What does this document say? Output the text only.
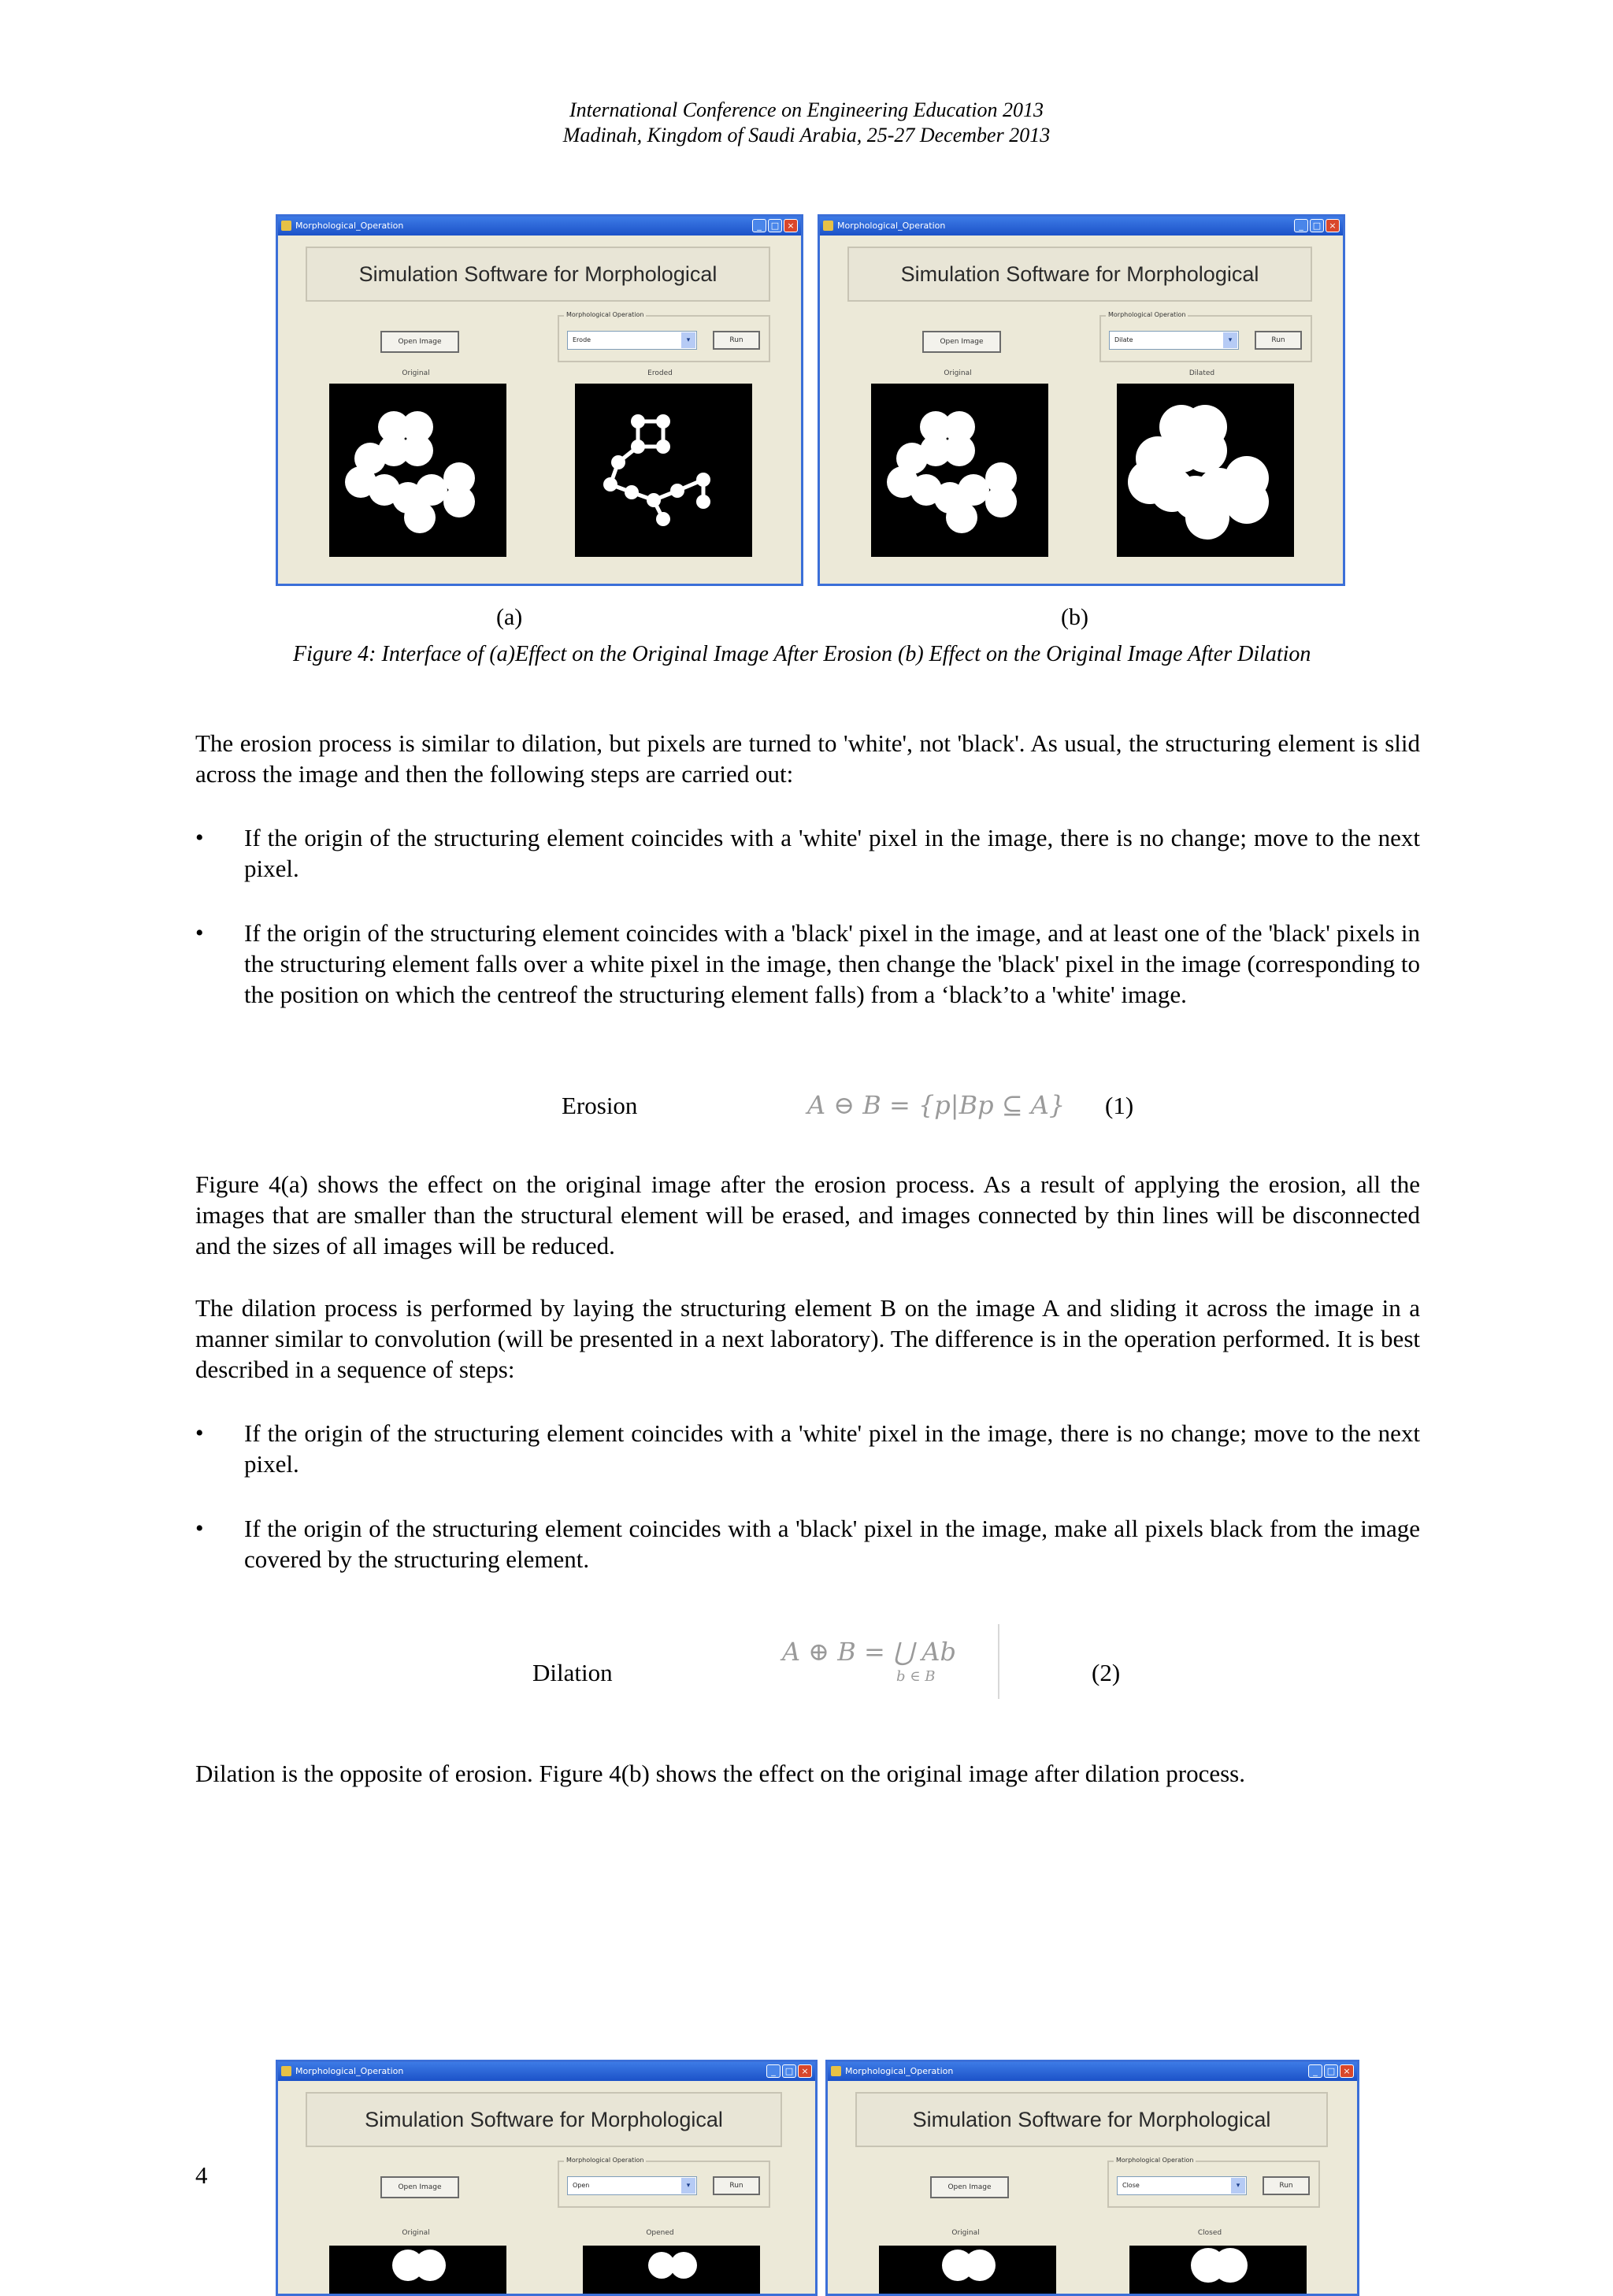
International Conference on Engineering Education 2013
Madinah, Kingdom of Saudi Arabia, 25-27 December 2013
Morphological_Operation	_	□ ×
Simulation Software for Morphological
Open Image
Morphological Operation
Erode	▾	Run
Original	Eroded
Morphological_Operation	_	□ ×
Simulation Software for Morphological
Open Image
Morphological Operation
Dilate	▾	Run
Original	Dilated
(a)	(b)
Figure 4: Interface of (a)Effect on the Original Image After Erosion (b) Effect on the Original Image After Dilation
The erosion process is similar to dilation, but pixels are turned to 'white', not 'black'. As usual, the structuring element is slid across the image and then the following steps are carried out:
• If the origin of the structuring element coincides with a 'white' pixel in the image, there is no change; move to the next pixel.
• If the origin of the structuring element coincides with a 'black' pixel in the image, and at least one of the 'black' pixels in the structuring element falls over a white pixel in the image, then change the 'black' pixel in the image (corresponding to the position on which the centreof the structuring element falls) from a ‘black’to a 'white' image.
Erosion	A ⊖ B = {p|Bp ⊆ A} (1)
Figure 4(a) shows the effect on the original image after the erosion process. As a result of applying the erosion, all the images that are smaller than the structural element will be erased, and images connected by thin lines will be disconnected and the sizes of all images will be reduced.
The dilation process is performed by laying the structuring element B on the image A and sliding it across the image in a manner similar to convolution (will be presented in a next laboratory). The difference is in the operation performed. It is best described in a sequence of steps:
• If the origin of the structuring element coincides with a 'white' pixel in the image, there is no change; move to the next pixel.
• If the origin of the structuring element coincides with a 'black' pixel in the image, make all pixels black from the image covered by the structuring element.
Dilation
A ⊕ B = ⋃ Ab
b ∈ B	(2)
Dilation is the opposite of erosion. Figure 4(b) shows the effect on the original image after dilation process.
4
Morphological_Operation	_	□ ×
Simulation Software for Morphological
Open Image
Morphological Operation
Open	▾	Run
Original	Opened
Morphological_Operation	_	□ ×
Simulation Software for Morphological
Open Image
Morphological Operation
Close	▾	Run
Original	Closed
